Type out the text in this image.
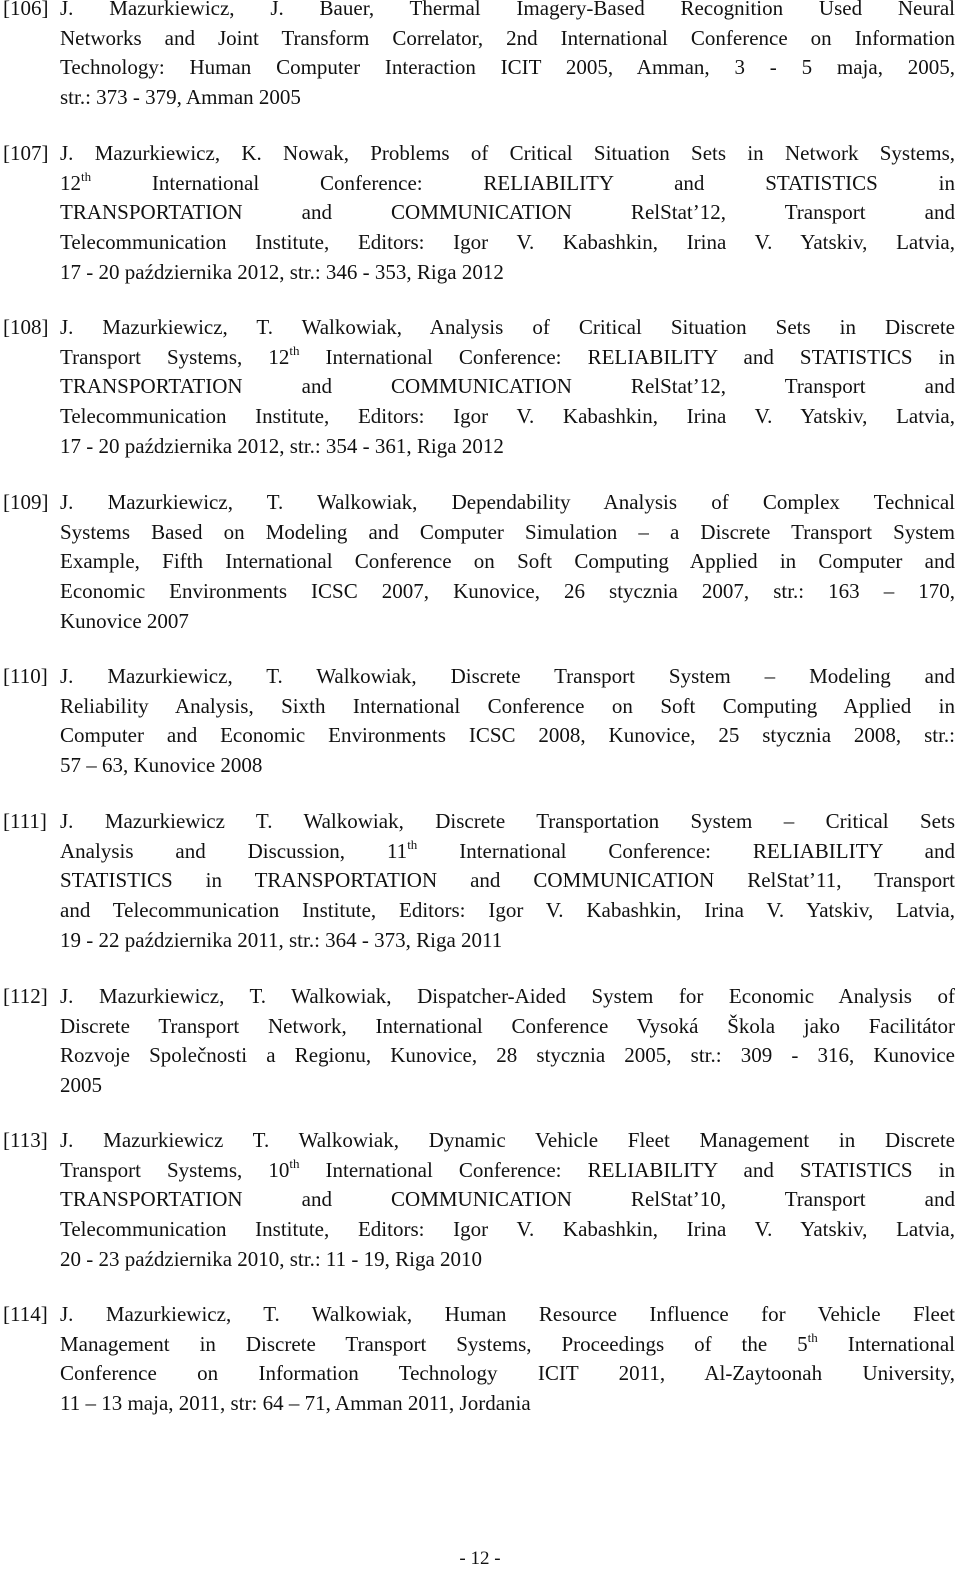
[106] J. Mazurkiewicz, J. Bauer, Thermal Imagery-Based Recognition Used Neural
Networks and Joint Transform Correlator, 2nd International Conference on Information
Technology: Human Computer Interaction ICIT 2005, Amman, 3 - 5 maja, 2005,
str.: 373 - 379, Amman 2005
[107] J. Mazurkiewicz, K. Nowak, Problems of Critical Situation Sets in Network Systems,
12th International Conference: RELIABILITY and STATISTICS in
TRANSPORTATION and COMMUNICATION RelStat’12, Transport and
Telecommunication Institute, Editors: Igor V. Kabashkin, Irina V. Yatskiv, Latvia,
17 - 20 października 2012, str.: 346 - 353, Riga 2012
[108] J. Mazurkiewicz, T. Walkowiak, Analysis of Critical Situation Sets in Discrete
Transport Systems, 12th International Conference: RELIABILITY and STATISTICS in
TRANSPORTATION and COMMUNICATION RelStat’12, Transport and
Telecommunication Institute, Editors: Igor V. Kabashkin, Irina V. Yatskiv, Latvia,
17 - 20 października 2012, str.: 354 - 361, Riga 2012
[109] J. Mazurkiewicz, T. Walkowiak, Dependability Analysis of Complex Technical
Systems Based on Modeling and Computer Simulation – a Discrete Transport System
Example, Fifth International Conference on Soft Computing Applied in Computer and
Economic Environments ICSC 2007, Kunovice, 26 stycznia 2007, str.: 163 – 170,
Kunovice 2007
[110] J. Mazurkiewicz, T. Walkowiak, Discrete Transport System – Modeling and
Reliability Analysis, Sixth International Conference on Soft Computing Applied in
Computer and Economic Environments ICSC 2008, Kunovice, 25 stycznia 2008, str.:
57 – 63, Kunovice 2008
[111] J. Mazurkiewicz T. Walkowiak, Discrete Transportation System – Critical Sets
Analysis and Discussion, 11th International Conference: RELIABILITY and
STATISTICS in TRANSPORTATION and COMMUNICATION RelStat’11, Transport
and Telecommunication Institute, Editors: Igor V. Kabashkin, Irina V. Yatskiv, Latvia,
19 - 22 października 2011, str.: 364 - 373, Riga 2011
[112] J. Mazurkiewicz, T. Walkowiak, Dispatcher-Aided System for Economic Analysis of
Discrete Transport Network, International Conference Vysoká Škola jako Facilitátor
Rozvoje Společnosti a Regionu, Kunovice, 28 stycznia 2005, str.: 309 - 316, Kunovice
2005
[113] J. Mazurkiewicz T. Walkowiak, Dynamic Vehicle Fleet Management in Discrete
Transport Systems, 10th International Conference: RELIABILITY and STATISTICS in
TRANSPORTATION and COMMUNICATION RelStat’10, Transport and
Telecommunication Institute, Editors: Igor V. Kabashkin, Irina V. Yatskiv, Latvia,
20 - 23 października 2010, str.: 11 - 19, Riga 2010
[114] J. Mazurkiewicz, T. Walkowiak, Human Resource Influence for Vehicle Fleet
Management in Discrete Transport Systems, Proceedings of the 5th International
Conference on Information Technology ICIT 2011, Al-Zaytoonah University,
11 – 13 maja, 2011, str: 64 – 71, Amman 2011, Jordania
- 12 -
